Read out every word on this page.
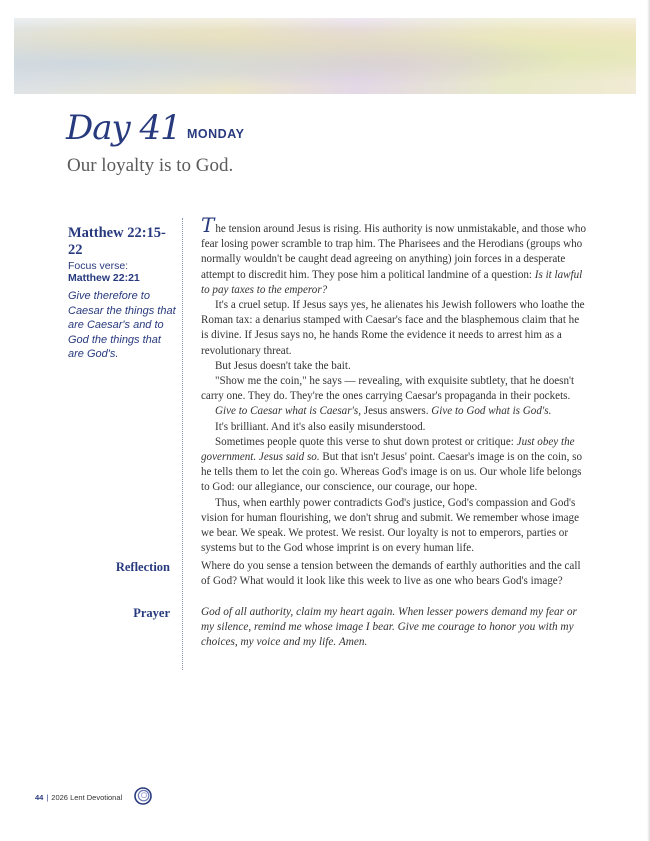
Day 41 MONDAY
Our loyalty is to God.
Matthew 22:15-22
Focus verse:
Matthew 22:21
Give therefore to Caesar the things that are Caesar's and to God the things that are God's.

The tension around Jesus is rising. His authority is now unmistakable, and those who fear losing power scramble to trap him. The Pharisees and the Herodians (groups who normally wouldn't be caught dead agreeing on anything) join forces in a desperate attempt to discredit him. They pose him a political landmine of a question: Is it lawful to pay taxes to the emperor?

It's a cruel setup. If Jesus says yes, he alienates his Jewish followers who loathe the Roman tax: a denarius stamped with Caesar's face and the blasphemous claim that he is divine. If Jesus says no, he hands Rome the evidence it needs to arrest him as a revolutionary threat.

But Jesus doesn't take the bait.

"Show me the coin," he says — revealing, with exquisite subtlety, that he doesn't carry one. They do. They're the ones carrying Caesar's propaganda in their pockets.

Give to Caesar what is Caesar's, Jesus answers. Give to God what is God's.

It's brilliant. And it's also easily misunderstood.

Sometimes people quote this verse to shut down protest or critique: Just obey the government. Jesus said so. But that isn't Jesus' point. Caesar's image is on the coin, so he tells them to let the coin go. Whereas God's image is on us. Our whole life belongs to God: our allegiance, our conscience, our courage, our hope.

Thus, when earthly power contradicts God's justice, God's compassion and God's vision for human flourishing, we don't shrug and submit. We remember whose image we bear. We speak. We protest. We resist. Our loyalty is not to emperors, parties or systems but to the God whose imprint is on every human life.

Reflection	Where do you sense a tension between the demands of earthly authorities and the call of God? What would it look like this week to live as one who bears God's image?
Prayer	God of all authority, claim my heart again. When lesser powers demand my fear or my silence, remind me whose image I bear. Give me courage to honor you with my choices, my voice and my life. Amen.
44 | 2026 Lent Devotional
